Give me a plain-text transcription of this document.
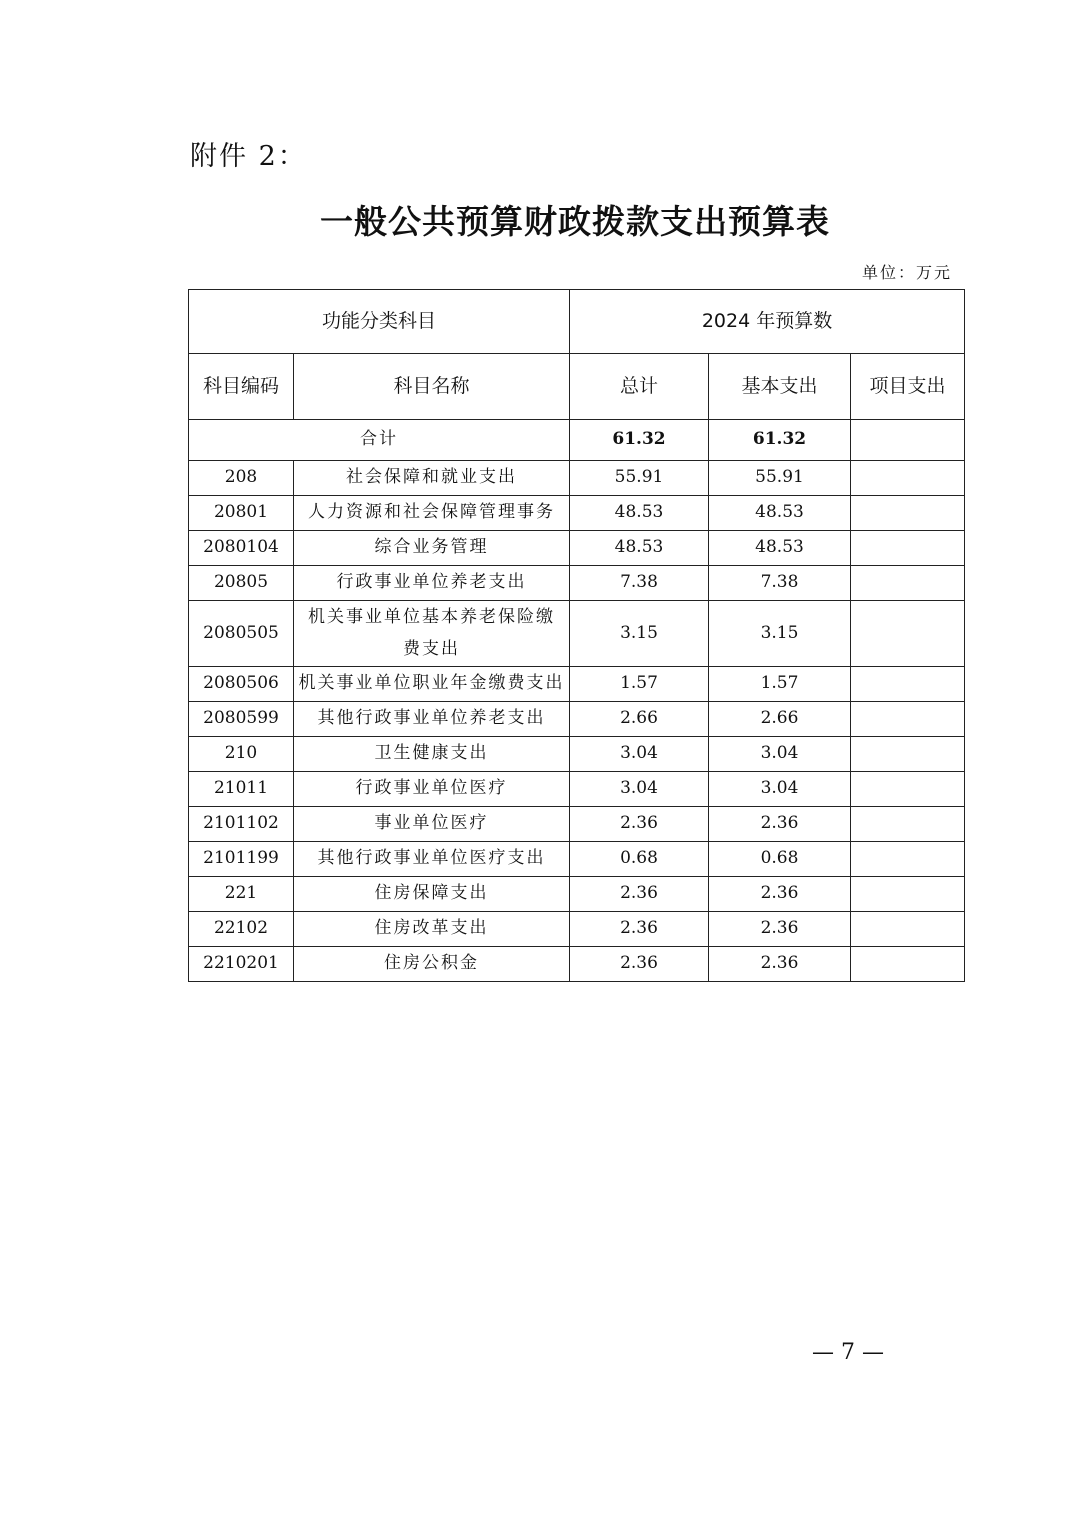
附件 2：
一般公共预算财政拨款支出预算表
单位：万元
功能分类科目		2024 年预算数		
科目编码	科目名称	总计	基本支出	项目支出
合计		61.32	61.32	
208	社会保障和就业支出	55.91	55.91	
20801	人力资源和社会保障管理事务	48.53	48.53	
2080104	综合业务管理	48.53	48.53	
20805	行政事业单位养老支出	7.38	7.38	
2080505	机关事业单位基本养老保险缴费支出	3.15	3.15	
2080506	机关事业单位职业年金缴费支出	1.57	1.57	
2080599	其他行政事业单位养老支出	2.66	2.66	
210	卫生健康支出	3.04	3.04	
21011	行政事业单位医疗	3.04	3.04	
2101102	事业单位医疗	2.36	2.36	
2101199	其他行政事业单位医疗支出	0.68	0.68	
221	住房保障支出	2.36	2.36	
22102	住房改革支出	2.36	2.36	
2210201	住房公积金	2.36	2.36	
— 7 —
